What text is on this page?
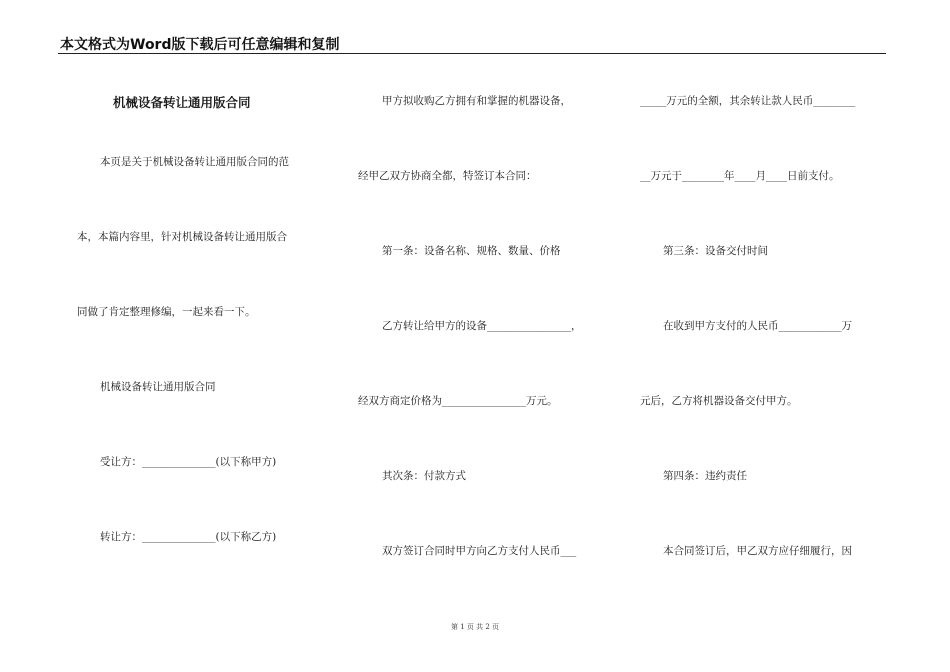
本文格式为Word版下载后可任意编辑和复制
机械设备转让通用版合同
本页是关于机械设备转让通用版合同的范
本，本篇内容里，针对机械设备转让通用版合
同做了肯定整理修编，一起来看一下。
机械设备转让通用版合同
受让方：______________(以下称甲方)
转让方：______________(以下称乙方)
甲方拟收购乙方拥有和掌握的机器设备，
经甲乙双方协商全都，特签订本合同：
第一条：设备名称、规格、数量、价格
乙方转让给甲方的设备________________，
经双方商定价格为________________万元。
其次条：付款方式
双方签订合同时甲方向乙方支付人民币___
_____万元的全额，其余转让款人民币________
__万元于________年____月____日前支付。
第三条：设备交付时间
在收到甲方支付的人民币____________万
元后，乙方将机器设备交付甲方。
第四条：违约责任
本合同签订后，甲乙双方应仔细履行，因
第 1 页 共 2 页
